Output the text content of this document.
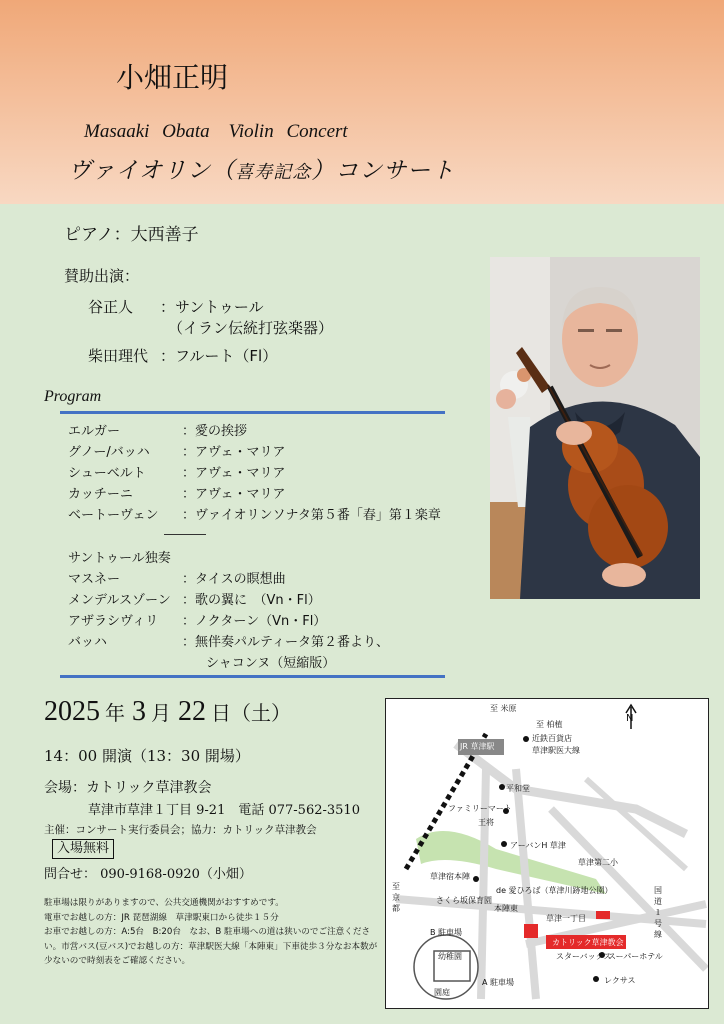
小畑正明
Masaaki Obata　Violin Concert
ヴァイオリン（喜寿記念）コンサート
ピアノ：大西善子
賛助出演：
谷正人 ：サントゥール
（イラン伝統打弦楽器）
柴田理代 ：フルート（Fl）
Program
エルガー	：愛の挨拶
グノー/バッハ ：アヴェ・マリア
シューベルト	：アヴェ・マリア
カッチーニ	：アヴェ・マリア
ベートーヴェン ：ヴァイオリンソナタ第５番「春」第１楽章
サントゥール独奏
マスネー	：タイスの瞑想曲
メンデルスゾーン ：歌の翼に　（Vn・Fl）
アザラシヴィリ ：ノクターン（Vn・Fl）
バッハ	：無伴奏パルティータ第２番より、
シャコンヌ（短縮版）
2025 年 3 月 22 日（土）
14：00 開演（13：30 開場）
会場：カトリック草津教会
草津市草津１丁目 9-21　電話 077-562-3510
主催：コンサート実行委員会；協力：カトリック草津教会
入場無料
問合せ： 090-9168-0920（小畑）
駐車場は限りがありますので、公共交通機関がおすすめです。
電車でお越しの方：JR 琵琶湖線　草津駅東口から徒歩１５分
お車でお越しの方：A:5台　B:20台　なお、B 駐車場への道は狭いのでご注意ください。市営バス(豆バス)でお越しの方：草津駅医大線「本陣東」下車徒歩３分なお本数が少ないので時刻表をご確認ください。
至 米原
JR 草津駅
近鉄百貨店
草津駅医大線
至 柏植
平和堂
ファミリーマート
王将
アーバンH 草津
草津宿本陣
de 愛ひろば（草津川跡地公園）
さくら坂保育園
本陣東
草津一丁目
草津第二小
カトリック草津教会
スターバックス
スーパーホテル
レクサス
B 駐車場
A 駐車場
幼稚園
園庭
至 京都
国道１号線
N
